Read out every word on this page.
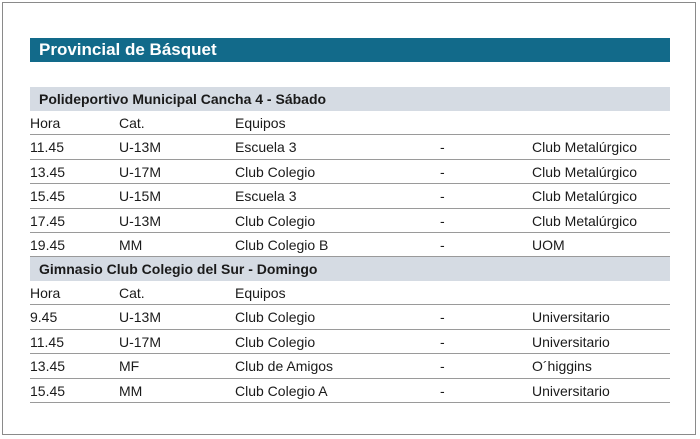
Provincial de Básquet
Polideportivo Municipal Cancha 4 - Sábado
Hora	Cat.	Equipos
11.45	U-13M	Escuela 3	-	Club Metalúrgico
13.45	U-17M	Club Colegio	-	Club Metalúrgico
15.45	U-15M	Escuela 3	-	Club Metalúrgico
17.45	U-13M	Club Colegio	-	Club Metalúrgico
19.45	MM	Club Colegio B	-	UOM
Gimnasio Club Colegio del Sur - Domingo
Hora	Cat.	Equipos
9.45	U-13M	Club Colegio	-	Universitario
11.45	U-17M	Club Colegio	-	Universitario
13.45	MF	Club de Amigos	-	O´higgins
15.45	MM	Club Colegio A	-	Universitario
